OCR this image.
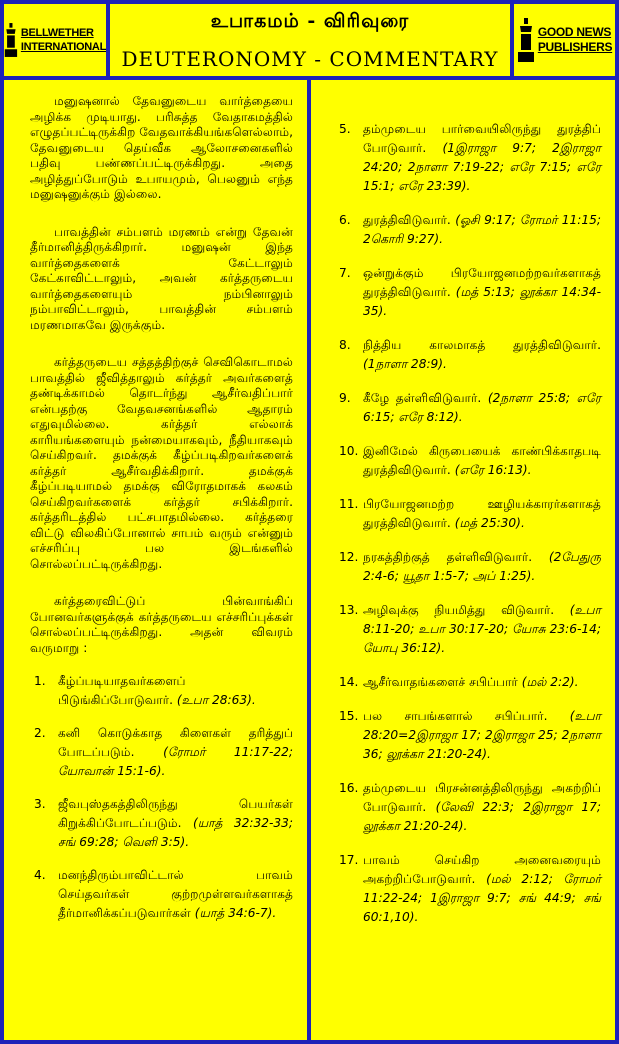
BELLWETHER
INTERNATIONAL
உபாகமம் - விரிவுரை
DEUTERONOMY - COMMENTARY
GOOD NEWS
PUBLISHERS

மனுஷனால் தேவனுடைய வார்த்தையை அழிக்க முடியாது. பரிசுத்த வேதாகமத்தில் எழுதப்பட்டிருக்கிற வேதவாக்கியங்களெல்லாம், தேவனுடைய தெய்வீக ஆலோசனைகளில் பதிவு பண்ணப்பட்டிருக்கிறது. அதை அழித்துப்போடும் உபாயமும், பெலனும் எந்த மனுஷனுக்கும் இல்லை.

பாவத்தின் சம்பளம் மரணம் என்று தேவன் தீர்மானித்திருக்கிறார். மனுஷன் இந்த வார்த்தைகளைக் கேட்டாலும் கேட்காவிட்டாலும், அவன் கர்த்தருடைய வார்த்தைகளையும் நம்பினாலும் நம்பாவிட்டாலும், பாவத்தின் சம்பளம் மரணமாகவே இருக்கும்.

கர்த்தருடைய சத்தத்திற்குச் செவிகொடாமல் பாவத்தில் ஜீவித்தாலும் கர்த்தர் அவர்களைத் தண்டிக்காமல் தொடர்ந்து ஆசீர்வதிப்பார் என்பதற்கு வேதவசனங்களில் ஆதாரம் எதுவுமில்லை. கர்த்தர் எல்லாக் காரியங்களையும் நன்மையாகவும், நீதியாகவும் செய்கிறவர். தமக்குக் கீழ்ப்படிகிறவர்களைக் கர்த்தர் ஆசீர்வதிக்கிறார். தமக்குக் கீழ்ப்படியாமல் தமக்கு விரோதமாகக் கலகம் செய்கிறவர்களைக் கர்த்தர் சபிக்கிறார். கர்த்தரிடத்தில் பட்சபாதமில்லை. கர்த்தரை விட்டு விலகிப்போனால் சாபம் வரும் என்னும் எச்சரிப்பு பல இடங்களில் சொல்லப்பட்டிருக்கிறது.

கர்த்தரைவிட்டுப் பின்வாங்கிப் போனவர்களுக்குக் கர்த்தருடைய எச்சரிப்புக்கள் சொல்லப்பட்டிருக்கிறது. அதன் விவரம் வருமாறு :

1.	கீழ்ப்படியாதவர்களைப் பிடுங்கிப்போடுவார். (உபா 28:63).
2.	கனி கொடுக்காத கிளைகள் தரித்துப் போடப்படும். (ரோமர் 11:17-22; யோவான் 15:1-6).
3.	ஜீவபுஸ்தகத்திலிருந்து பெயர்கள் கிறுக்கிப்போடப்படும். (யாத் 32:32-33; சங் 69:28; வெளி 3:5).
4.	மனந்திரும்பாவிட்டால் பாவம் செய்தவர்கள் குற்றமுள்ளவர்களாகத் தீர்மானிக்கப்படுவார்கள் (யாத் 34:6-7).
5.	தம்முடைய பார்வையிலிருந்து துரத்திப் போடுவார். (1இராஜா 9:7; 2இராஜா 24:20; 2நாளா 7:19-22; எரே 7:15; எரே 15:1; எரே 23:39).
6.	துரத்திவிடுவார். (ஓசி 9:17; ரோமர் 11:15; 2கொரி 9:27).
7.	ஒன்றுக்கும் பிரயோஜனமற்றவர்களாகத் துரத்திவிடுவார். (மத் 5:13; லூக்கா 14:34-35).
8.	நித்திய காலமாகத் துரத்திவிடுவார். (1நாளா 28:9).
9.	கீழே தள்ளிவிடுவார். (2நாளா 25:8; எரே 6:15; எரே 8:12).
10. இனிமேல் கிருபையைக் காண்பிக்காதபடி துரத்திவிடுவார். (எரே 16:13).
11. பிரயோஜனமற்ற ஊழியக்காரர்களாகத் துரத்திவிடுவார். (மத் 25:30).
12. நரகத்திற்குத் தள்ளிவிடுவார். (2பேதுரு 2:4-6; யூதா 1:5-7; அப் 1:25).
13. அழிவுக்கு நியமித்து விடுவார். (உபா 8:11-20; உபா 30:17-20; யோசு 23:6-14; யோபு 36:12).
14. ஆசீர்வாதங்களைச் சபிப்பார் (மல் 2:2).
15. பல சாபங்களால் சபிப்பார். (உபா 28:20=2இராஜா 17; 2இராஜா 25; 2நாளா 36; லூக்கா 21:20-24).
16. தம்முடைய பிரசன்னத்திலிருந்து அகற்றிப் போடுவார். (லேவி 22:3; 2இராஜா 17; லூக்கா 21:20-24).
17. பாவம் செய்கிற அனைவரையும் அகற்றிப்போடுவார். (மல் 2:12; ரோமர் 11:22-24; 1இராஜா 9:7; சங் 44:9; சங் 60:1,10).
